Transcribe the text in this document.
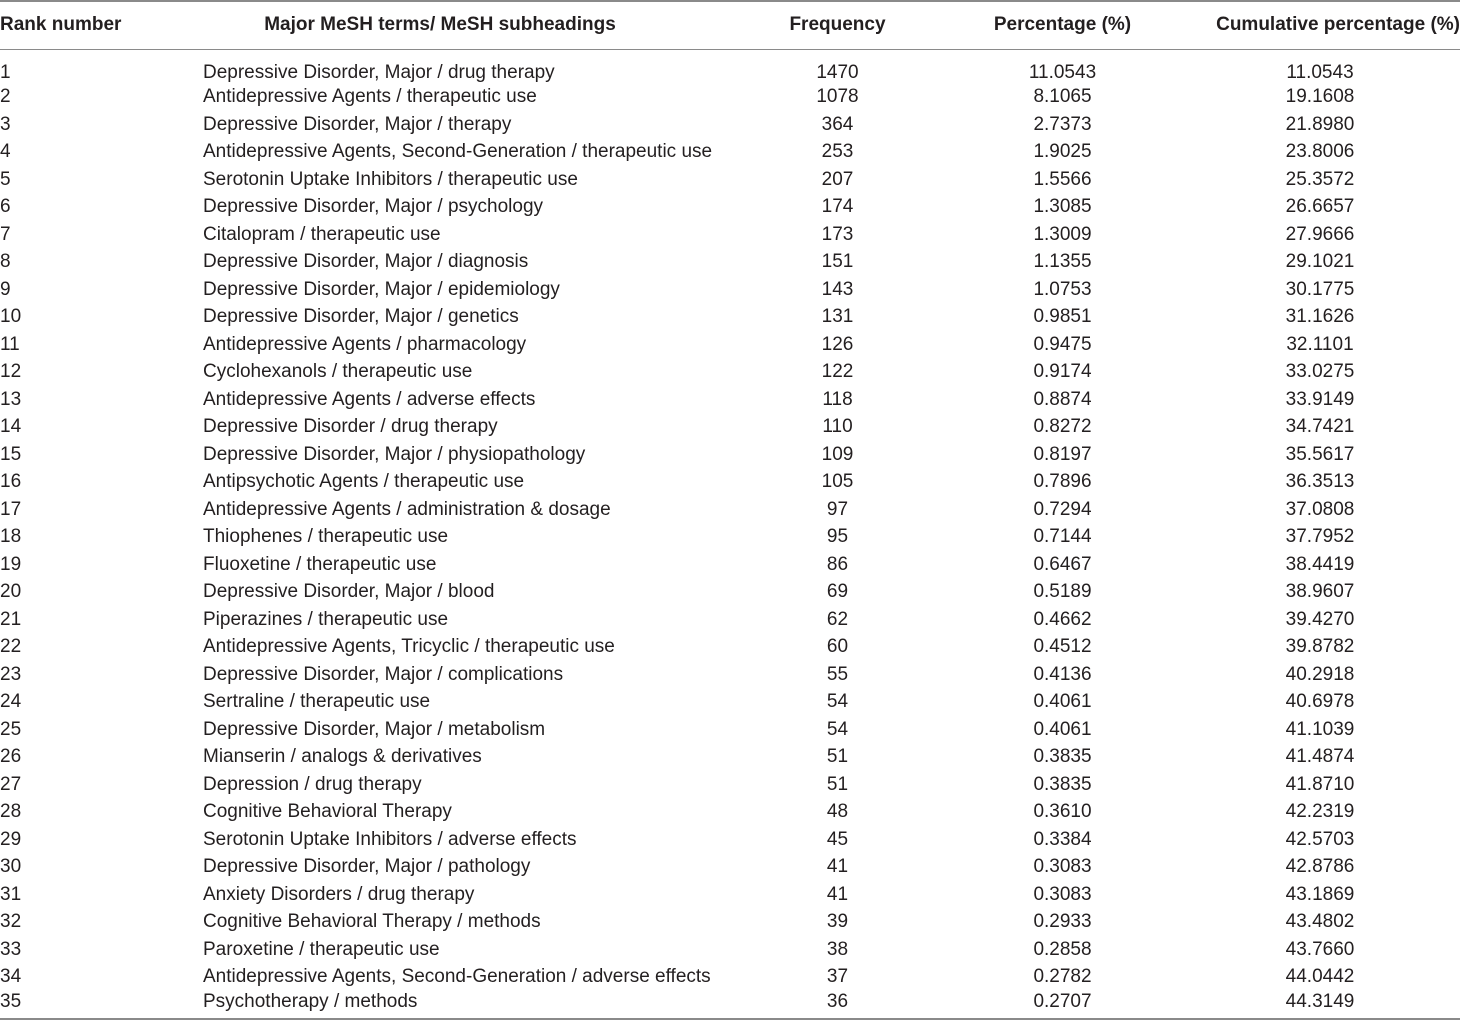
Rank number	Major MeSH terms/ MeSH subheadings	Frequency	Percentage (%)	Cumulative percentage (%)
1	Depressive Disorder, Major / drug therapy	1470	11.0543	11.0543
2	Antidepressive Agents / therapeutic use	1078	8.1065	19.1608
3	Depressive Disorder, Major / therapy	364	2.7373	21.8980
4	Antidepressive Agents, Second-Generation / therapeutic use	253	1.9025	23.8006
5	Serotonin Uptake Inhibitors / therapeutic use	207	1.5566	25.3572
6	Depressive Disorder, Major / psychology	174	1.3085	26.6657
7	Citalopram / therapeutic use	173	1.3009	27.9666
8	Depressive Disorder, Major / diagnosis	151	1.1355	29.1021
9	Depressive Disorder, Major / epidemiology	143	1.0753	30.1775
10	Depressive Disorder, Major / genetics	131	0.9851	31.1626
11	Antidepressive Agents / pharmacology	126	0.9475	32.1101
12	Cyclohexanols / therapeutic use	122	0.9174	33.0275
13	Antidepressive Agents / adverse effects	118	0.8874	33.9149
14	Depressive Disorder / drug therapy	110	0.8272	34.7421
15	Depressive Disorder, Major / physiopathology	109	0.8197	35.5617
16	Antipsychotic Agents / therapeutic use	105	0.7896	36.3513
17	Antidepressive Agents / administration & dosage	97	0.7294	37.0808
18	Thiophenes / therapeutic use	95	0.7144	37.7952
19	Fluoxetine / therapeutic use	86	0.6467	38.4419
20	Depressive Disorder, Major / blood	69	0.5189	38.9607
21	Piperazines / therapeutic use	62	0.4662	39.4270
22	Antidepressive Agents, Tricyclic / therapeutic use	60	0.4512	39.8782
23	Depressive Disorder, Major / complications	55	0.4136	40.2918
24	Sertraline / therapeutic use	54	0.4061	40.6978
25	Depressive Disorder, Major / metabolism	54	0.4061	41.1039
26	Mianserin / analogs & derivatives	51	0.3835	41.4874
27	Depression / drug therapy	51	0.3835	41.8710
28	Cognitive Behavioral Therapy	48	0.3610	42.2319
29	Serotonin Uptake Inhibitors / adverse effects	45	0.3384	42.5703
30	Depressive Disorder, Major / pathology	41	0.3083	42.8786
31	Anxiety Disorders / drug therapy	41	0.3083	43.1869
32	Cognitive Behavioral Therapy / methods	39	0.2933	43.4802
33	Paroxetine / therapeutic use	38	0.2858	43.7660
34	Antidepressive Agents, Second-Generation / adverse effects	37	0.2782	44.0442
35	Psychotherapy / methods	36	0.2707	44.3149
